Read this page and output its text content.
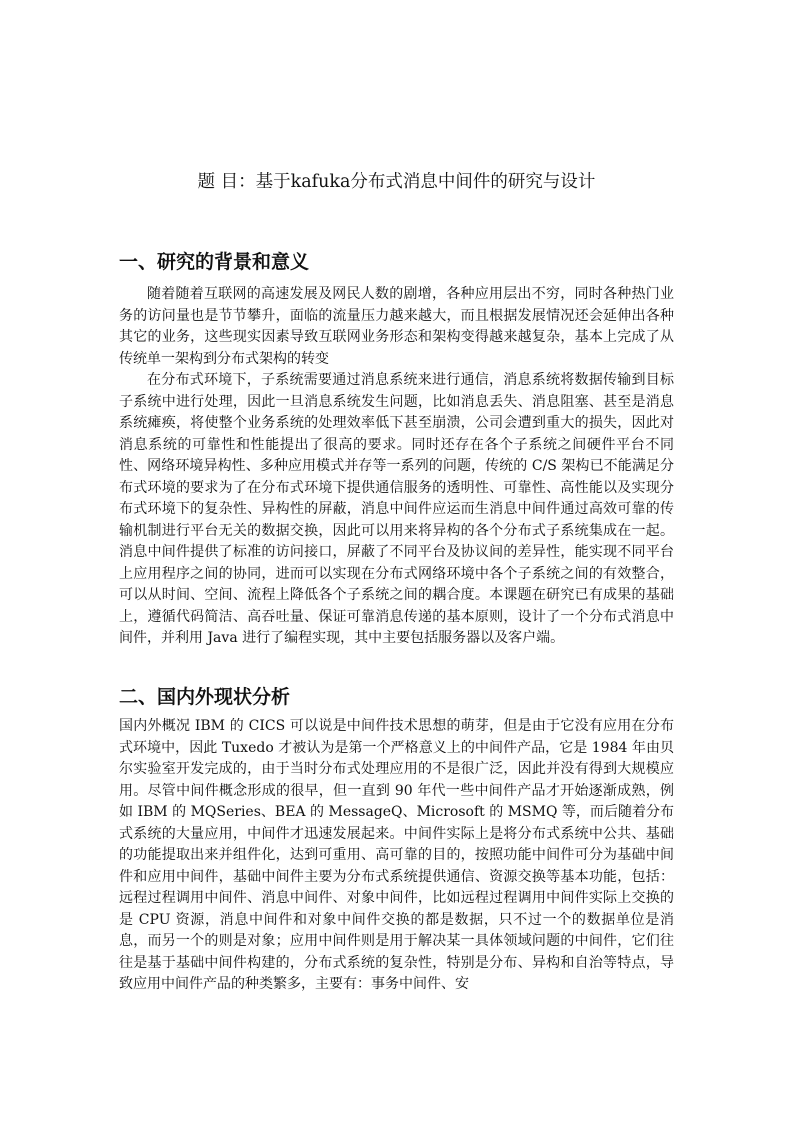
题 目：基于kafuka分布式消息中间件的研究与设计
一、研究的背景和意义

随着随着互联网的高速发展及网民人数的剧增，各种应用层出不穷，同时各种热门业务的访问量也是节节攀升，面临的流量压力越来越大，而且根据发展情况还会延伸出各种其它的业务，这些现实因素导致互联网业务形态和架构变得越来越复杂，基本上完成了从传统单一架构到分布式架构的转变

在分布式环境下，子系统需要通过消息系统来进行通信，消息系统将数据传输到目标子系统中进行处理，因此一旦消息系统发生问题，比如消息丢失、消息阻塞、甚至是消息系统瘫痪，将使整个业务系统的处理效率低下甚至崩溃，公司会遭到重大的损失，因此对消息系统的可靠性和性能提出了很高的要求。同时还存在各个子系统之间硬件平台不同性、网络环境异构性、多种应用模式并存等一系列的问题，传统的 C/S 架构已不能满足分布式环境的要求为了在分布式环境下提供通信服务的透明性、可靠性、高性能以及实现分布式环境下的复杂性、异构性的屏蔽，消息中间件应运而生消息中间件通过高效可靠的传输机制进行平台无关的数据交换，因此可以用来将异构的各个分布式子系统集成在一起。消息中间件提供了标准的访问接口，屏蔽了不同平台及协议间的差异性，能实现不同平台上应用程序之间的协同，进而可以实现在分布式网络环境中各个子系统之间的有效整合，可以从时间、空间、流程上降低各个子系统之间的耦合度。本课题在研究已有成果的基础上，遵循代码简洁、高吞吐量、保证可靠消息传递的基本原则，设计了一个分布式消息中间件，并利用 Java 进行了编程实现，其中主要包括服务器以及客户端。

二、国内外现状分析

国内外概况 IBM 的 CICS 可以说是中间件技术思想的萌芽，但是由于它没有应用在分布式环境中，因此 Tuxedo 才被认为是第一个严格意义上的中间件产品，它是 1984 年由贝尔实验室开发完成的，由于当时分布式处理应用的不是很广泛，因此并没有得到大规模应用。尽管中间件概念形成的很早，但一直到 90 年代一些中间件产品才开始逐渐成熟，例如 IBM 的 MQSeries、BEA 的 MessageQ、Microsoft 的 MSMQ 等，而后随着分布式系统的大量应用，中间件才迅速发展起来。中间件实际上是将分布式系统中公共、基础的功能提取出来并组件化，达到可重用、高可靠的目的，按照功能中间件可分为基础中间件和应用中间件，基础中间件主要为分布式系统提供通信、资源交换等基本功能，包括：远程过程调用中间件、消息中间件、对象中间件，比如远程过程调用中间件实际上交换的是 CPU 资源，消息中间件和对象中间件交换的都是数据，只不过一个的数据单位是消息，而另一个的则是对象；应用中间件则是用于解决某一具体领域问题的中间件，它们往往是基于基础中间件构建的，分布式系统的复杂性，特别是分布、异构和自治等特点，导致应用中间件产品的种类繁多，主要有：事务中间件、安
